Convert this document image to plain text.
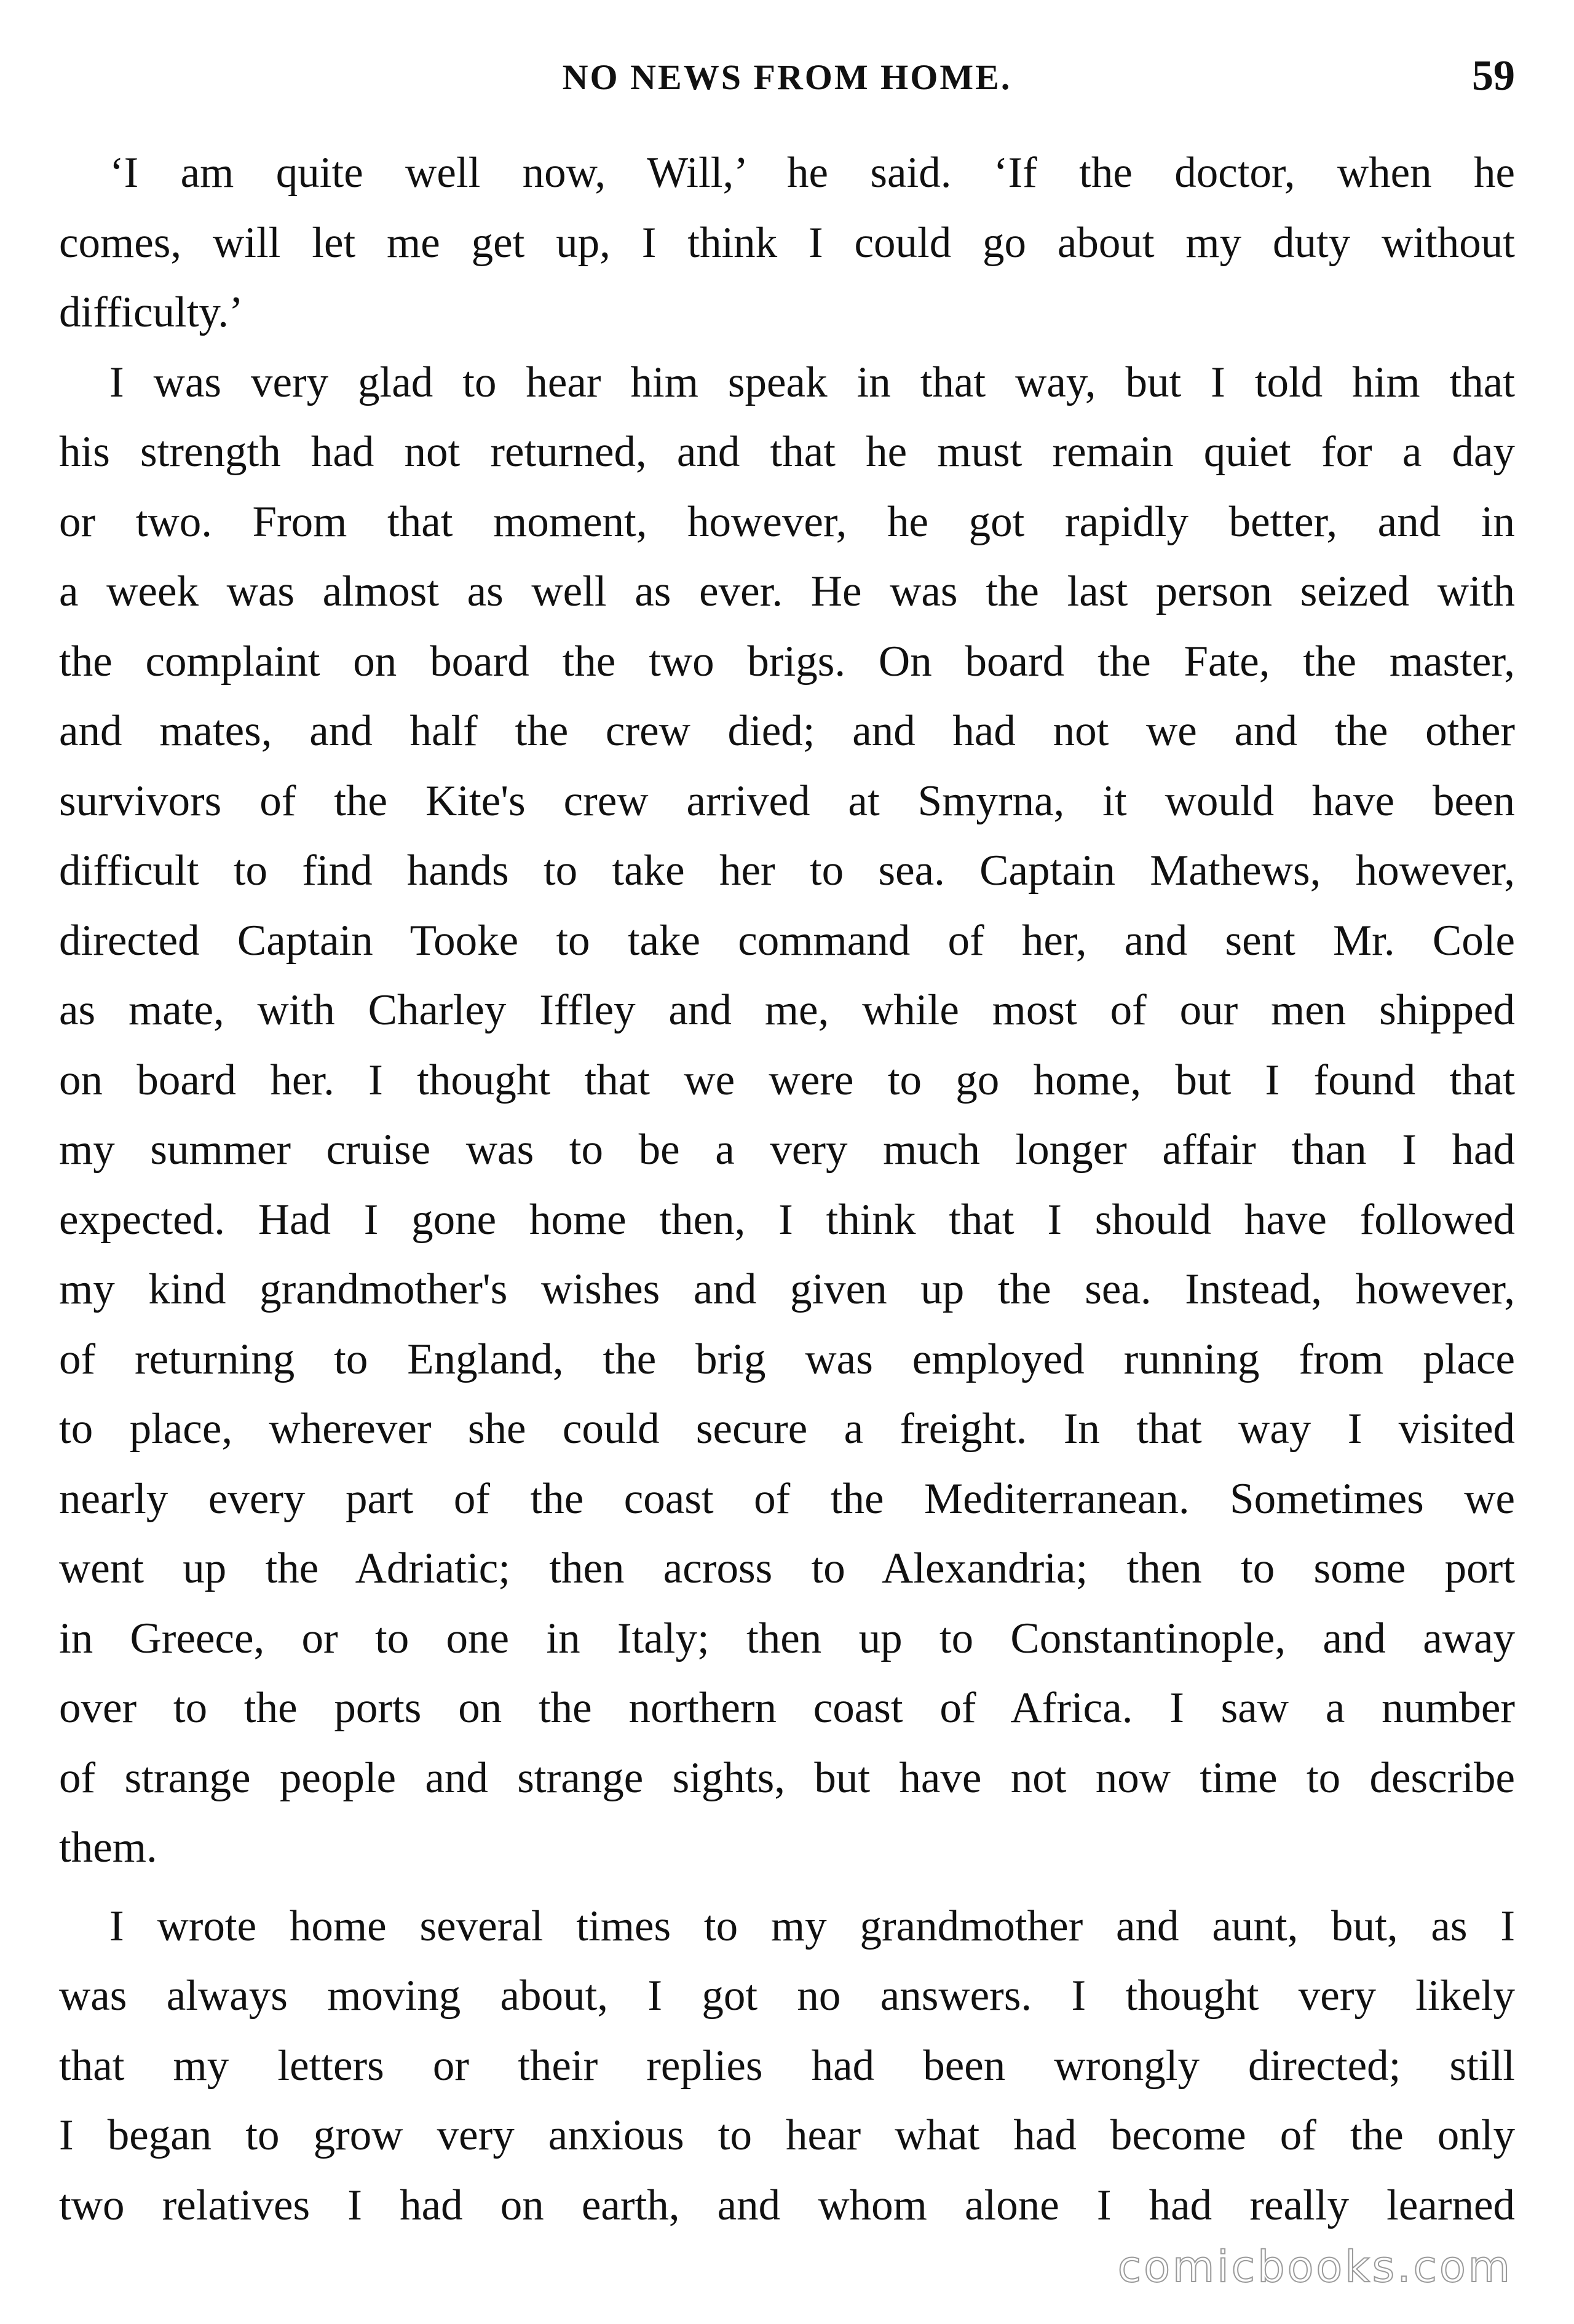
NO NEWS FROM HOME.	59
‘I am quite well now, Will,’ he said. ‘If the doctor, when he
comes, will let me get up, I think I could go about my duty without
difficulty.’
I was very glad to hear him speak in that way, but I told him that
his strength had not returned, and that he must remain quiet for a day
or two. From that moment, however, he got rapidly better, and in
a week was almost as well as ever. He was the last person seized with
the complaint on board the two brigs. On board the Fate, the master,
and mates, and half the crew died; and had not we and the other
survivors of the Kite's crew arrived at Smyrna, it would have been
difficult to find hands to take her to sea. Captain Mathews, however,
directed Captain Tooke to take command of her, and sent Mr. Cole
as mate, with Charley Iffley and me, while most of our men shipped
on board her. I thought that we were to go home, but I found that
my summer cruise was to be a very much longer affair than I had
expected. Had I gone home then, I think that I should have followed
my kind grandmother's wishes and given up the sea. Instead, however,
of returning to England, the brig was employed running from place
to place, wherever she could secure a freight. In that way I visited
nearly every part of the coast of the Mediterranean. Sometimes we
went up the Adriatic; then across to Alexandria; then to some port
in Greece, or to one in Italy; then up to Constantinople, and away
over to the ports on the northern coast of Africa. I saw a number
of strange people and strange sights, but have not now time to describe
them.
I wrote home several times to my grandmother and aunt, but, as I
was always moving about, I got no answers. I thought very likely
that my letters or their replies had been wrongly directed; still
I began to grow very anxious to hear what had become of the only
two relatives I had on earth, and whom alone I had really learned
comicbooks.com
